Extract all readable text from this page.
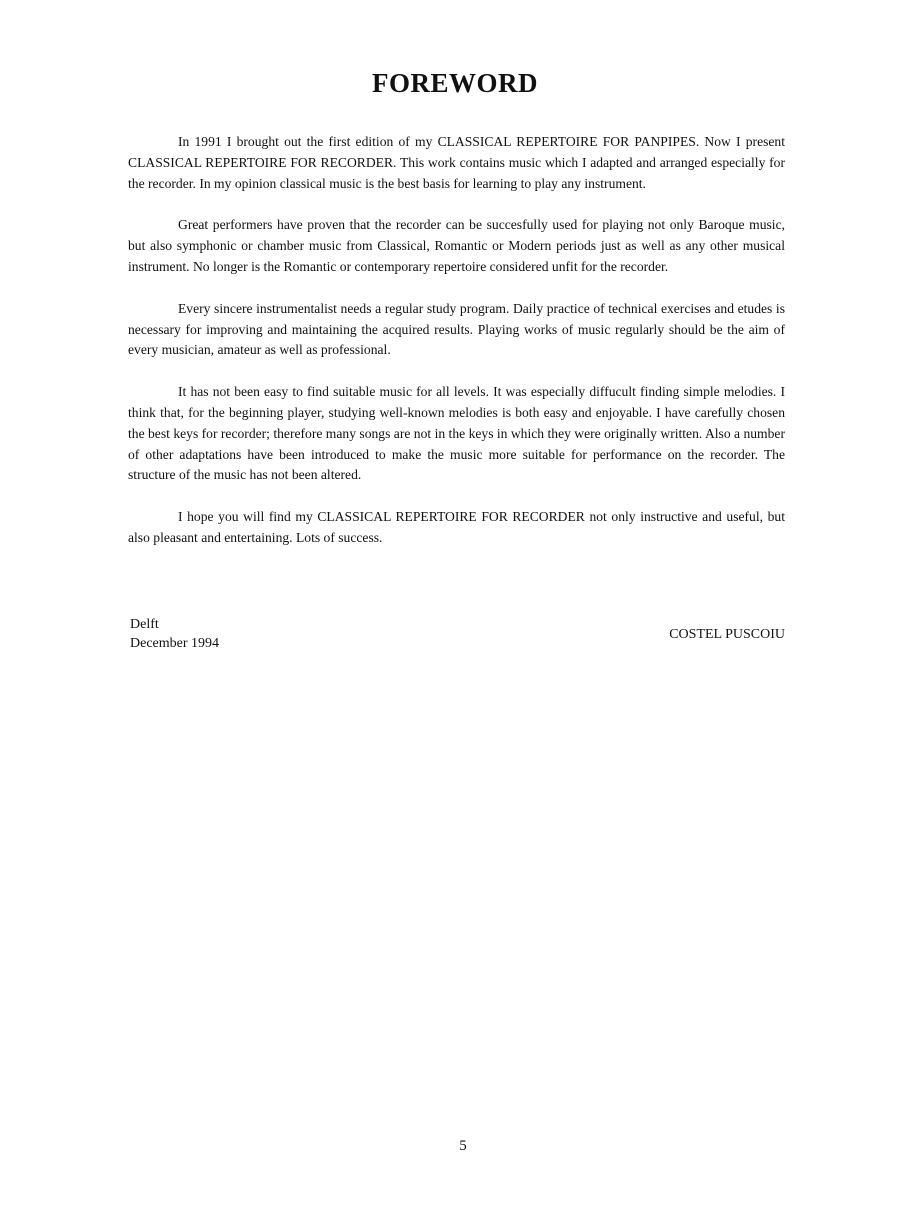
FOREWORD

In 1991 I brought out the first edition of my CLASSICAL REPERTOIRE FOR PANPIPES. Now I present CLASSICAL REPERTOIRE FOR RECORDER. This work contains music which I adapted and arranged especially for the recorder. In my opinion classical music is the best basis for learning to play any instrument.

Great performers have proven that the recorder can be succesfully used for playing not only Baroque music, but also symphonic or chamber music from Classical, Romantic or Modern periods just as well as any other musical instrument. No longer is the Romantic or contemporary repertoire considered unfit for the recorder.

Every sincere instrumentalist needs a regular study program. Daily practice of technical exercises and etudes is necessary for improving and maintaining the acquired results. Playing works of music regularly should be the aim of every musician, amateur as well as professional.

It has not been easy to find suitable music for all levels. It was especially diffucult finding simple melodies. I think that, for the beginning player, studying well-known melodies is both easy and enjoyable. I have carefully chosen the best keys for recorder; therefore many songs are not in the keys in which they were originally written. Also a number of other adaptations have been introduced to make the music more suitable for performance on the recorder. The structure of the music has not been altered.

I hope you will find my CLASSICAL REPERTOIRE FOR RECORDER not only instructive and useful, but also pleasant and entertaining. Lots of success.

Delft
December 1994
COSTEL PUSCOIU
5
